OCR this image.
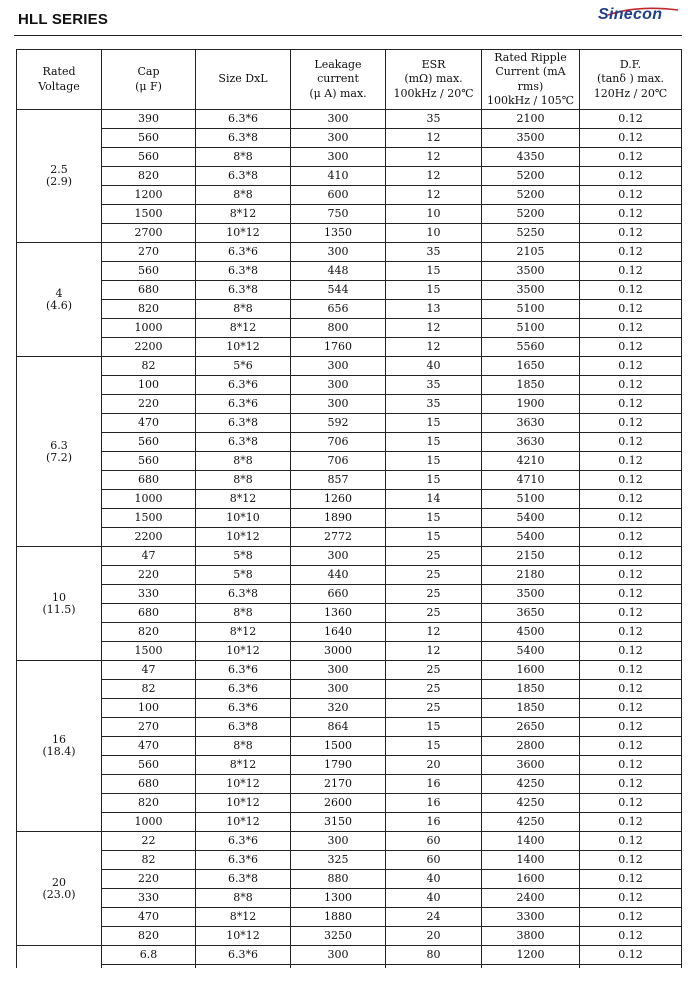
HLL SERIES	Sinecon
Rated
Voltage	Cap
(μ F)	Size DxL	Leakage
current
(μ A) max.	ESR
(mΩ) max.
100kHz / 20℃	Rated Ripple
Current (mA
rms)
100kHz / 105℃	D.F.
(tanδ ) max.
120Hz / 20℃
2.5
(2.9)	390	6.3*6	300	35	2100	0.12
	560	6.3*8	300	12	3500	0.12
	560	8*8	300	12	4350	0.12
	820	6.3*8	410	12	5200	0.12
	1200	8*8	600	12	5200	0.12
	1500	8*12	750	10	5200	0.12
	2700	10*12	1350	10	5250	0.12
4
(4.6)	270	6.3*6	300	35	2105	0.12
	560	6.3*8	448	15	3500	0.12
	680	6.3*8	544	15	3500	0.12
	820	8*8	656	13	5100	0.12
	1000	8*12	800	12	5100	0.12
	2200	10*12	1760	12	5560	0.12
6.3
(7.2)	82	5*6	300	40	1650	0.12
	100	6.3*6	300	35	1850	0.12
	220	6.3*6	300	35	1900	0.12
	470	6.3*8	592	15	3630	0.12
	560	6.3*8	706	15	3630	0.12
	560	8*8	706	15	4210	0.12
	680	8*8	857	15	4710	0.12
	1000	8*12	1260	14	5100	0.12
	1500	10*10	1890	15	5400	0.12
	2200	10*12	2772	15	5400	0.12
10
(11.5)	47	5*8	300	25	2150	0.12
	220	5*8	440	25	2180	0.12
	330	6.3*8	660	25	3500	0.12
	680	8*8	1360	25	3650	0.12
	820	8*12	1640	12	4500	0.12
	1500	10*12	3000	12	5400	0.12
16
(18.4)	47	6.3*6	300	25	1600	0.12
	82	6.3*6	300	25	1850	0.12
	100	6.3*6	320	25	1850	0.12
	270	6.3*8	864	15	2650	0.12
	470	8*8	1500	15	2800	0.12
	560	8*12	1790	20	3600	0.12
	680	10*12	2170	16	4250	0.12
	820	10*12	2600	16	4250	0.12
	1000	10*12	3150	16	4250	0.12
20
(23.0)	22	6.3*6	300	60	1400	0.12
	82	6.3*6	325	60	1400	0.12
	220	6.3*8	880	40	1600	0.12
	330	8*8	1300	40	2400	0.12
	470	8*12	1880	24	3300	0.12
	820	10*12	3250	20	3800	0.12

	6.8	6.3*6	300	80	1200	0.12
